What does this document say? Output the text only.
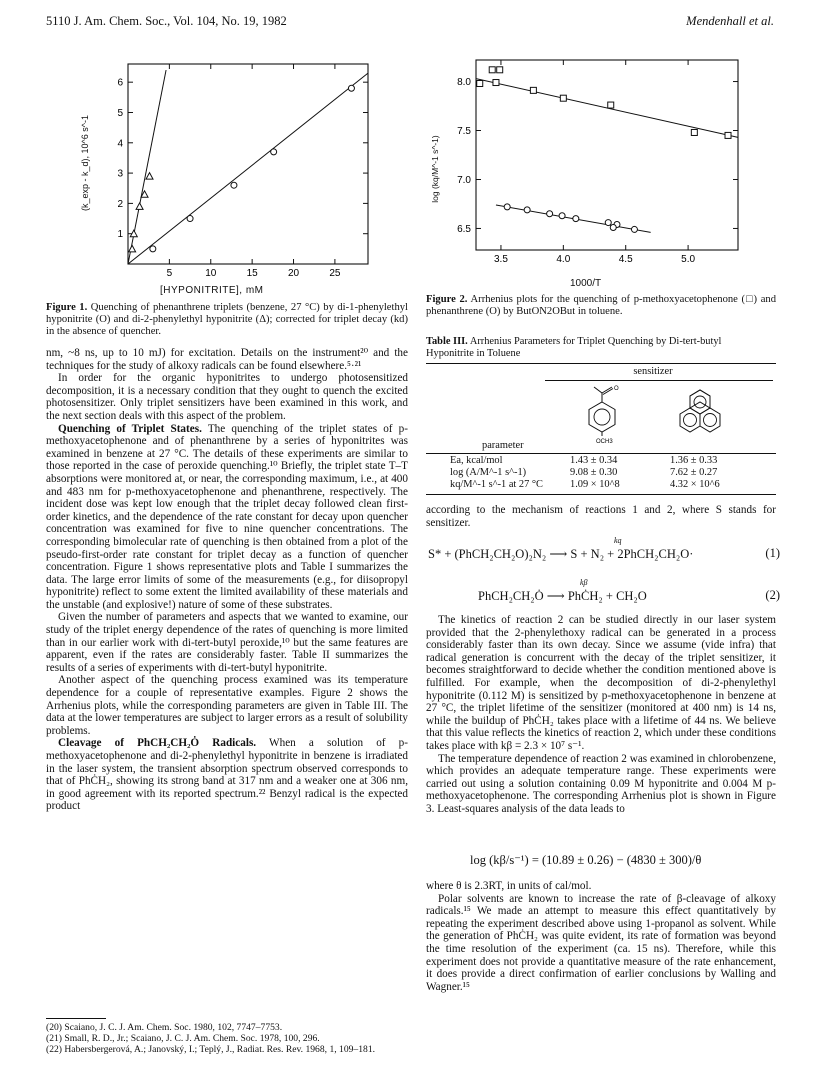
5110 J. Am. Chem. Soc., Vol. 104, No. 19, 1982	Mendenhall et al.
5	10	15	20	25
1
2
3
4
5
6
[HYPONITRITE], mM
(k_exp - k_d), 10^6 s^-1
Figure 1. Quenching of phenanthrene triplets (benzene, 27 °C) by di-1-phenylethyl hyponitrite (O) and di-2-phenylethyl hyponitrite (Δ); corrected for triplet decay (kd) in the absence of quencher.
3.5	4.0	4.5	5.0
6.5
7.0
7.5
8.0
1000/T
log (kq/M^-1 s^-1)
Figure 2. Arrhenius plots for the quenching of p-methoxyacetophenone (□) and phenanthrene (O) by ButON2OBut in toluene.
Table III. Arrhenius Parameters for Triplet Quenching by Di-tert-butyl Hyponitrite in Toluene
sensitizer
O
OCH3
parameter
Ea, kcal/mol	1.43 ± 0.34	1.36 ± 0.33
log (A/M^-1 s^-1)	9.08 ± 0.30	7.62 ± 0.27
kq/M^-1 s^-1 at 27 °C	1.09 × 10^8	4.32 × 10^6

nm, ~8 ns, up to 10 mJ) for excitation. Details on the instrument²⁰ and the techniques for the study of alkoxy radicals can be found elsewhere.⁵·²¹

In order for the organic hyponitrites to undergo photosensitized decomposition, it is a necessary condition that they ought to quench the excited photosensitizer. Only triplet sensitizers have been examined in this work, and the next section deals with this aspect of the problem.

Quenching of Triplet States. The quenching of the triplet states of p-methoxyacetophenone and of phenanthrene by a series of hyponitrites was examined in benzene at 27 °C. The details of these experiments are similar to those reported in the case of peroxide quenching.¹⁰ Briefly, the triplet state T–T absorptions were monitored at, or near, the corresponding maximum, i.e., at 400 and 483 nm for p-methoxyacetophenone and phenanthrene, respectively. The incident dose was kept low enough that the triplet decay followed clean first-order kinetics, and the dependence of the rate constant for decay upon quencher concentration was examined for five to nine quencher concentrations. The corresponding bimolecular rate of quenching is then obtained from a plot of the pseudo-first-order rate constant for triplet decay as a function of quencher concentration. Figure 1 shows representative plots and Table I summarizes the data. The large error limits of some of the measurements (e.g., for diisopropyl hyponitrite) reflect to some extent the limited availability of these materials and the unstable (and explosive!) nature of some of these substrates.

Given the number of parameters and aspects that we wanted to examine, our study of the triplet energy dependence of the rates of quenching is more limited than in our earlier work with di-tert-butyl peroxide,¹⁰ but the same features are apparent, even if the rates are considerably faster. Table II summarizes the results of a series of experiments with di-tert-butyl hyponitrite.

Another aspect of the quenching process examined was its temperature dependence for a couple of representative examples. Figure 2 shows the Arrhenius plots, while the corresponding parameters are given in Table III. The data at the lower temperatures are subject to larger errors as a result of solubility problems.

Cleavage of PhCH₂CH₂Ȯ Radicals. When a solution of p-methoxyacetophenone and di-2-phenylethyl hyponitrite in benzene is irradiated in the laser system, the transient absorption spectrum observed corresponds to that of PhĊH₂, showing its strong band at 317 nm and a weaker one at 306 nm, in good agreement with its reported spectrum.²² Benzyl radical is the expected product

(20) Scaiano, J. C. J. Am. Chem. Soc. 1980, 102, 7747–7753.
(21) Small, R. D., Jr.; Scaiano, J. C. J. Am. Chem. Soc. 1978, 100, 296.
(22) Habersbergerová, A.; Janovský, I.; Teplý, J., Radiat. Res. Rev. 1968, 1, 109–181.

according to the mechanism of reactions 1 and 2, where S stands for sensitizer.

S* + (PhCH₂CH₂O)₂N₂ ⟶ S + N₂ + 2PhCH₂CH₂O·	(1)
kq
PhCH₂CH₂Ȯ ⟶ PhĊH₂ + CH₂O	(2)
kβ

The kinetics of reaction 2 can be studied directly in our laser system provided that the 2-phenylethoxy radical can be generated in a process considerably faster than its own decay. Since we assume (vide infra) that radical generation is concurrent with the decay of the triplet sensitizer, it becomes straightforward to decide whether the condition mentioned above is fulfilled. For example, when the decomposition of di-2-phenylethyl hyponitrite (0.112 M) is sensitized by p-methoxyacetophenone in benzene at 27 °C, the triplet lifetime of the sensitizer (monitored at 400 nm) is 14 ns, while the buildup of PhĊH₂ takes place with a lifetime of 44 ns. We believe that this value reflects the kinetics of reaction 2, which under these conditions takes place with kβ = 2.3 × 10⁷ s⁻¹.

The temperature dependence of reaction 2 was examined in chlorobenzene, which provides an adequate temperature range. These experiments were carried out using a solution containing 0.09 M hyponitrite and 0.004 M p-methoxyacetophenone. The corresponding Arrhenius plot is shown in Figure 3. Least-squares analysis of the data leads to

log (kβ/s⁻¹) = (10.89 ± 0.26) − (4830 ± 300)/θ

where θ is 2.3RT, in units of cal/mol.

Polar solvents are known to increase the rate of β-cleavage of alkoxy radicals.¹⁵ We made an attempt to measure this effect quantitatively by repeating the experiment described above using 1-propanol as solvent. While the generation of PhĊH₂ was quite evident, its rate of formation was beyond the time resolution of the experiment (ca. 15 ns). Therefore, while this experiment does not provide a quantitative measure of the rate enhancement, it does provide a direct confirmation of earlier conclusions by Walling and Wagner.¹⁵
